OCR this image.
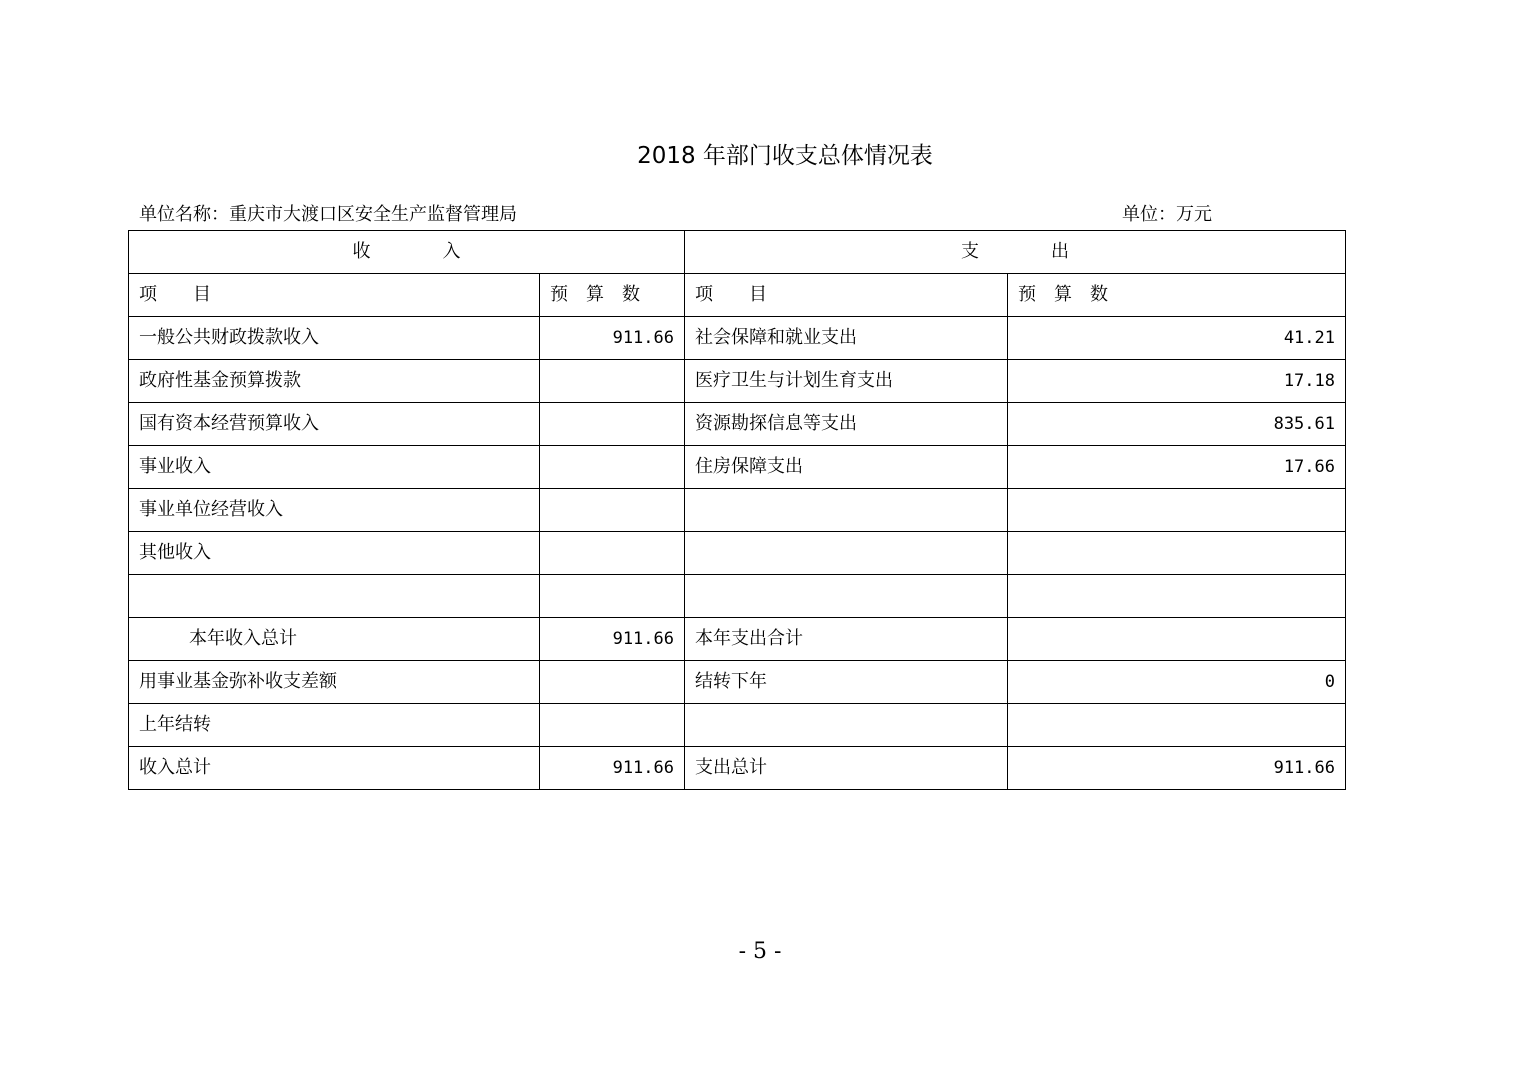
2018 年部门收支总体情况表
单位名称：重庆市大渡口区安全生产监督管理局	单位：万元
收　　　　入		支　　　　出	
项　　目	预　算　数	项　　目	预　算　数
一般公共财政拨款收入	911.66	社会保障和就业支出	41.21
政府性基金预算拨款		医疗卫生与计划生育支出	17.18
国有资本经营预算收入		资源勘探信息等支出	835.61
事业收入		住房保障支出	17.66
事业单位经营收入			
其他收入			

本年收入总计	911.66	本年支出合计	
用事业基金弥补收支差额		结转下年	0
上年结转			
收入总计	911.66	支出总计	911.66
- 5 -
